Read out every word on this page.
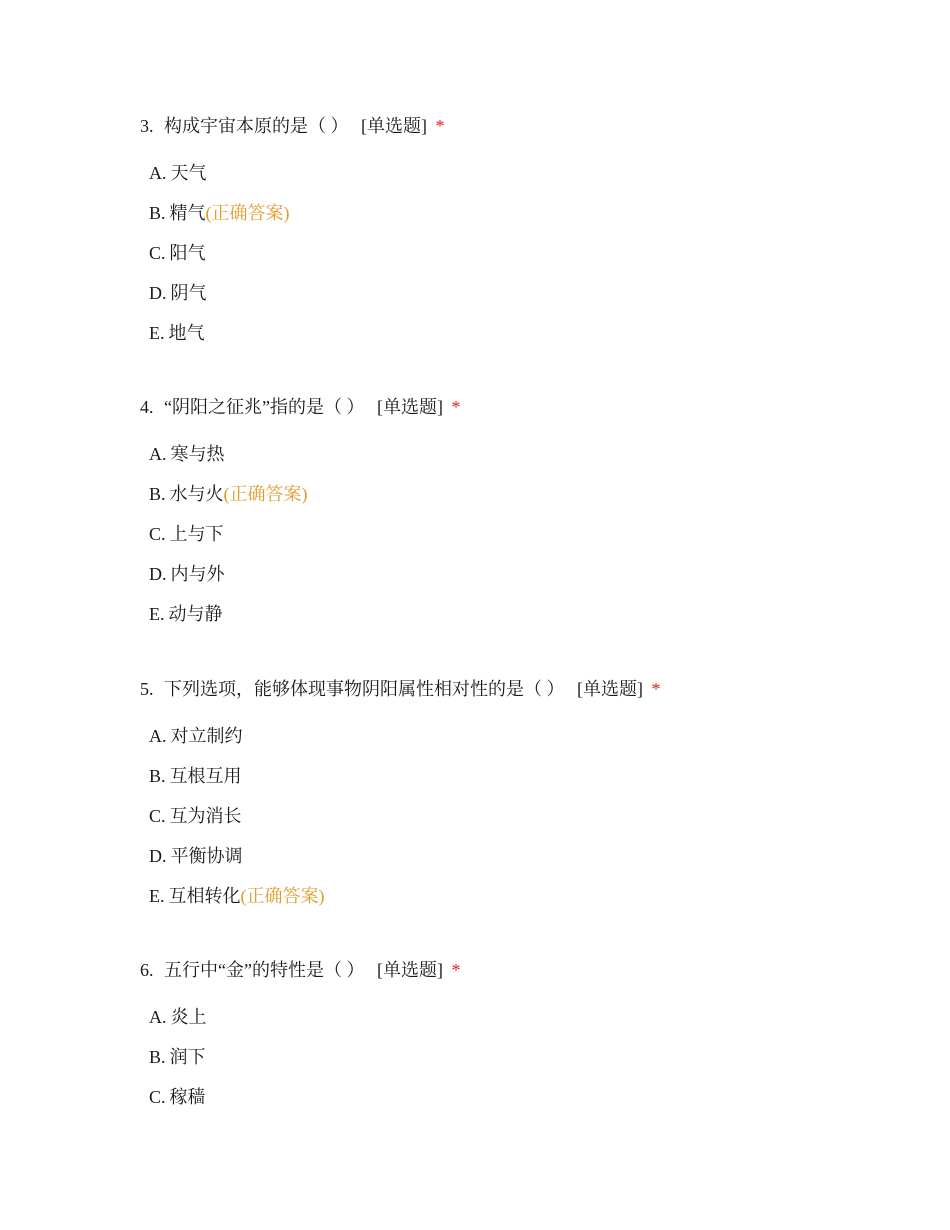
3. 构成宇宙本原的是（ ） [单选题] *
A. 天气
B. 精气(正确答案)
C. 阳气
D. 阴气
E. 地气
4. “阴阳之征兆”指的是（ ） [单选题] *
A. 寒与热
B. 水与火(正确答案)
C. 上与下
D. 内与外
E. 动与静
5. 下列选项，能够体现事物阴阳属性相对性的是（ ） [单选题] *
A. 对立制约
B. 互根互用
C. 互为消长
D. 平衡协调
E. 互相转化(正确答案)
6. 五行中“金”的特性是（ ） [单选题] *
A. 炎上
B. 润下
C. 稼穑
